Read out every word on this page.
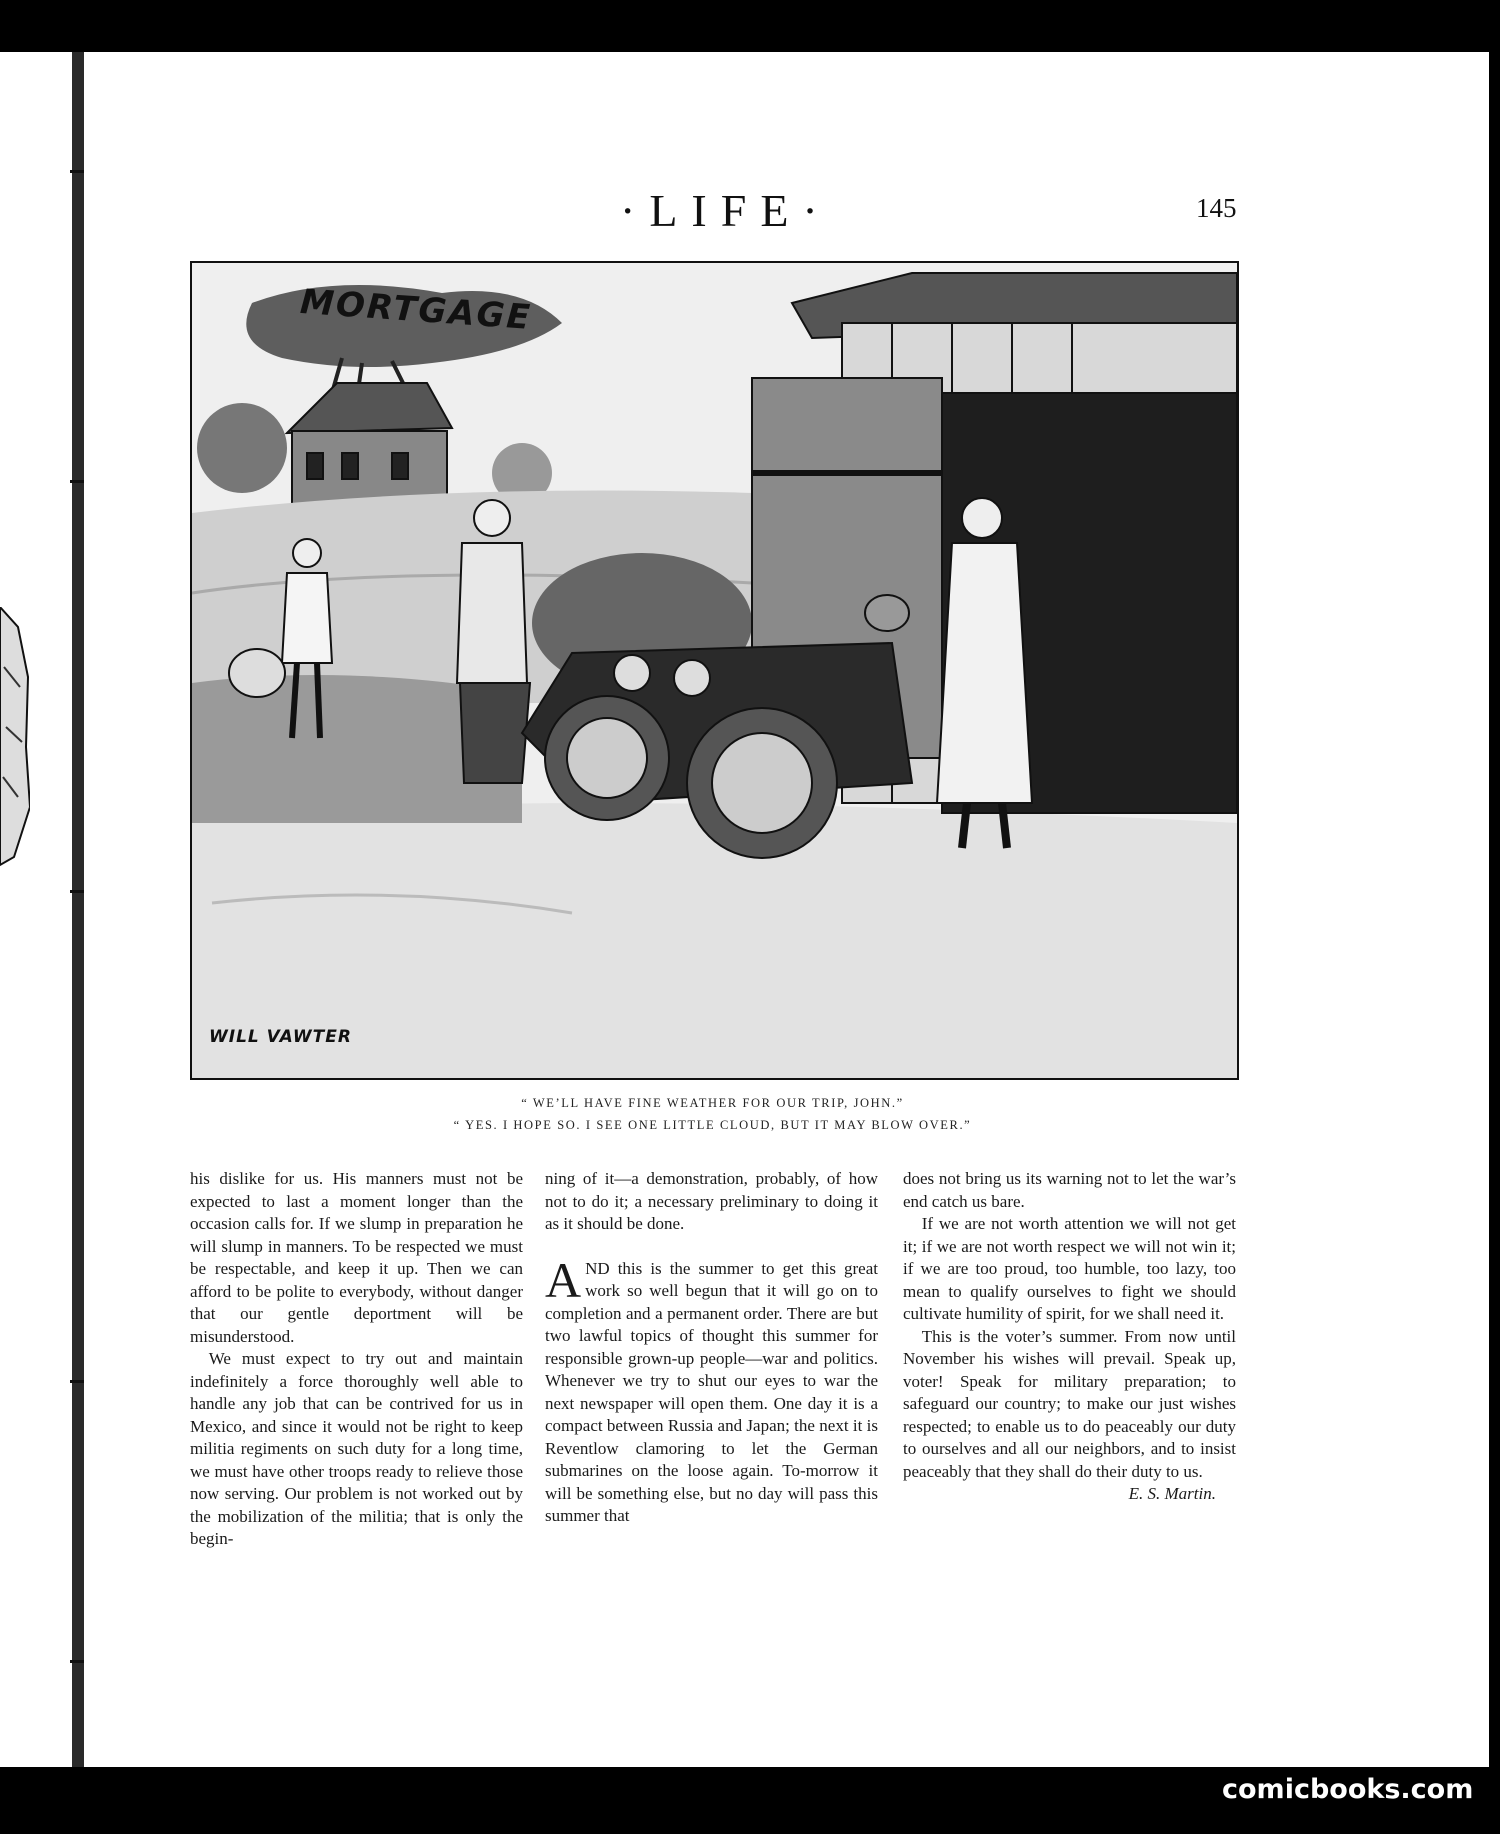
·LIFE·	145
MORTGAGE
WILL VAWTER
“ WE’LL HAVE FINE WEATHER FOR OUR TRIP, JOHN.”
“ YES. I HOPE SO. I SEE ONE LITTLE CLOUD, BUT IT MAY BLOW OVER.”

his dislike for us. His manners must not be expected to last a moment longer than the occasion calls for. If we slump in preparation he will slump in manners. To be respected we must be respectable, and keep it up. Then we can afford to be polite to everybody, without danger that our gentle deportment will be misunderstood.

We must expect to try out and maintain indefinitely a force thoroughly well able to handle any job that can be contrived for us in Mexico, and since it would not be right to keep militia regiments on such duty for a long time, we must have other troops ready to relieve those now serving. Our problem is not worked out by the mobilization of the militia; that is only the begin-

ning of it—a demonstration, probably, of how not to do it; a necessary preliminary to doing it as it should be done.

AND this is the summer to get this great work so well begun that it will go on to completion and a permanent order. There are but two lawful topics of thought this summer for responsible grown-up people—war and politics. Whenever we try to shut our eyes to war the next newspaper will open them. One day it is a compact between Russia and Japan; the next it is Reventlow clamoring to let the German submarines on the loose again. To-morrow it will be something else, but no day will pass this summer that

does not bring us its warning not to let the war’s end catch us bare.

If we are not worth attention we will not get it; if we are not worth respect we will not win it; if we are too proud, too humble, too lazy, too mean to qualify ourselves to fight we should cultivate humility of spirit, for we shall need it.

This is the voter’s summer. From now until November his wishes will prevail. Speak up, voter! Speak for military preparation; to safeguard our country; to make our just wishes respected; to enable us to do peaceably our duty to ourselves and all our neighbors, and to insist peaceably that they shall do their duty to us.

E. S. Martin.

comicbooks.com
